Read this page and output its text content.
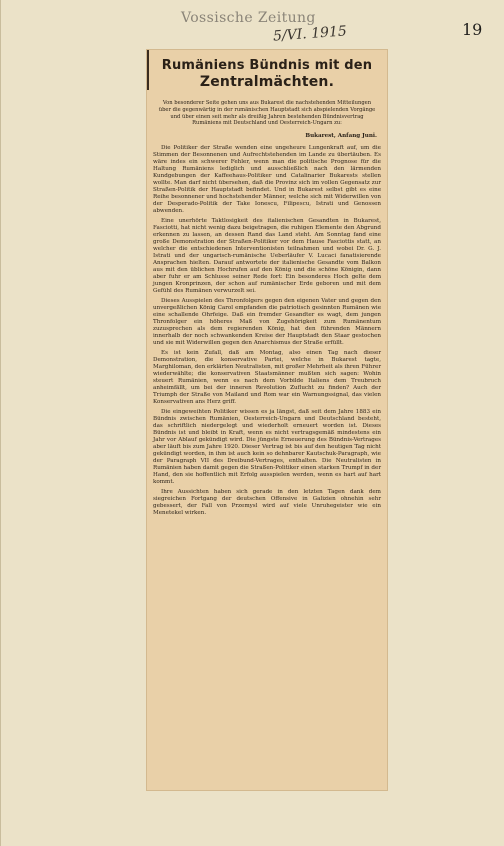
Vossische Zeitung
5/VI. 1915	19
Rumäniens Bündnis mit den
Zentralmächten.
Von besonderer Seite gehen uns aus Bukarest die nachstehenden Mitteilungen über die gegenwärtig in der rumänischen Hauptstadt sich abspielenden Vorgänge und über einen seit mehr als dreißig Jahren bestehenden Bündnisvertrag Rumäniens mit Deutschland und Oesterreich-Ungarn zu:
Bukarest, Anfang Juni.

Die Politiker der Straße wenden eine ungeheure Lungenkraft auf, um die Stimmen der Besonnenen und Aufrechtstehenden im Lande zu übertäuben. Es wäre indes ein schwerer Fehler, wenn man die politische Prognose für die Haltung Rumäniens lediglich und ausschließlich nach den lärmenden Kundgebungen der Kaffeehaus-Politiker und Catalinarier Bukarests stellen wollte. Man darf nicht übersehen, daß die Provinz sich im vollen Gegensatz zur Straßen-Politik der Hauptstadt befindet. Und in Bukarest selbst gibt es eine Reihe besonnener und hochstehender Männer, welche sich mit Widerwillen von der Desperado-Politik der Take Ionescu, Filipescu, Istrati und Genossen abwenden.

Eine unerhörte Taktlosigkeit des italienischen Gesandten in Bukarest, Fasciotti, hat nicht wenig dazu beigetragen, die ruhigen Elemente den Abgrund erkennen zu lassen, an dessen Rand das Land steht. Am Sonntag fand eine große Demonstration der Straßen-Politiker vor dem Hause Fasciottis statt, an welcher die entschiedenen Interventionisten teilnahmen und wobei Dr. G. J. Istrati und der ungarisch-rumänische Ueberläufer V. Lucaci fanatisierende Ansprachen hielten. Darauf antwortete der italienische Gesandte vom Balkon aus mit den üblichen Hochrufen auf den König und die schöne Königin, dann aber fuhr er am Schlusse seiner Rede fort: Ein besonderes Hoch gelte dem jungen Kronprinzen, der schon auf rumänischer Erde geboren und mit dem Gefühl des Rumänen verwurzelt sei.

Dieses Ausspielen des Thronfolgers gegen den eigenen Vater und gegen den unvergeßlichen König Carol empfanden die patriotisch gesinnten Rumänen wie eine schallende Ohrfeige. Daß ein fremder Gesandter es wagt, dem jungen Thronfolger ein höheres Maß von Zugehörigkeit zum Rumänentum zuzusprechen als dem regierenden König, hat den führenden Männern innerhalb der noch schwankenden Kreise der Hauptstadt den Staar gestochen und sie mit Widerwillen gegen den Anarchismus der Straße erfüllt.

Es ist kein Zufall, daß am Montag, also einen Tag nach dieser Demonstration, die konservative Partei, welche in Bukarest tagte, Marghiloman, den erklärten Neutralisten, mit großer Mehrheit als ihren Führer wiederwählte; die konservativen Staatsmänner mußten sich sagen: Wohin steuert Rumänien, wenn es nach dem Vorbilde Italiens dem Treubruch anheimfällt, um bei der inneren Revolution Zuflucht zu finden? Auch der Triumph der Straße von Mailand und Rom war ein Warnungssignal, das vielen Konservativen ans Herz griff.

Die eingeweihten Politiker wissen es ja längst, daß seit dem Jahre 1883 ein Bündnis zwischen Rumänien, Oesterreich-Ungarn und Deutschland besteht, das schriftlich niedergelegt und wiederholt erneuert worden ist. Dieses Bündnis ist und bleibt in Kraft, wenn es nicht vertragsgemäß mindestens ein Jahr vor Ablauf gekündigt wird. Die jüngste Erneuerung des Bündnis-Vertrages aber läuft bis zum Jahre 1920. Dieser Vertrag ist bis auf den heutigen Tag nicht gekündigt worden, in ihm ist auch kein so dehnbarer Kautschuk-Paragraph, wie der Paragraph VII des Dreibund-Vertrages, enthalten. Die Neutralisten in Rumänien haben damit gegen die Straßen-Politiker einen starken Trumpf in der Hand, den sie hoffentlich mit Erfolg ausspielen werden, wenn es hart auf hart kommt.

Ihre Aussichten haben sich gerade in den letzten Tagen dank dem siegreichen Fortgang der deutschen Offensive in Galizien ohnehin sehr gebessert, der Fall von Przemysl wird auf viele Unruhegeister wie ein Menetekel wirken.
